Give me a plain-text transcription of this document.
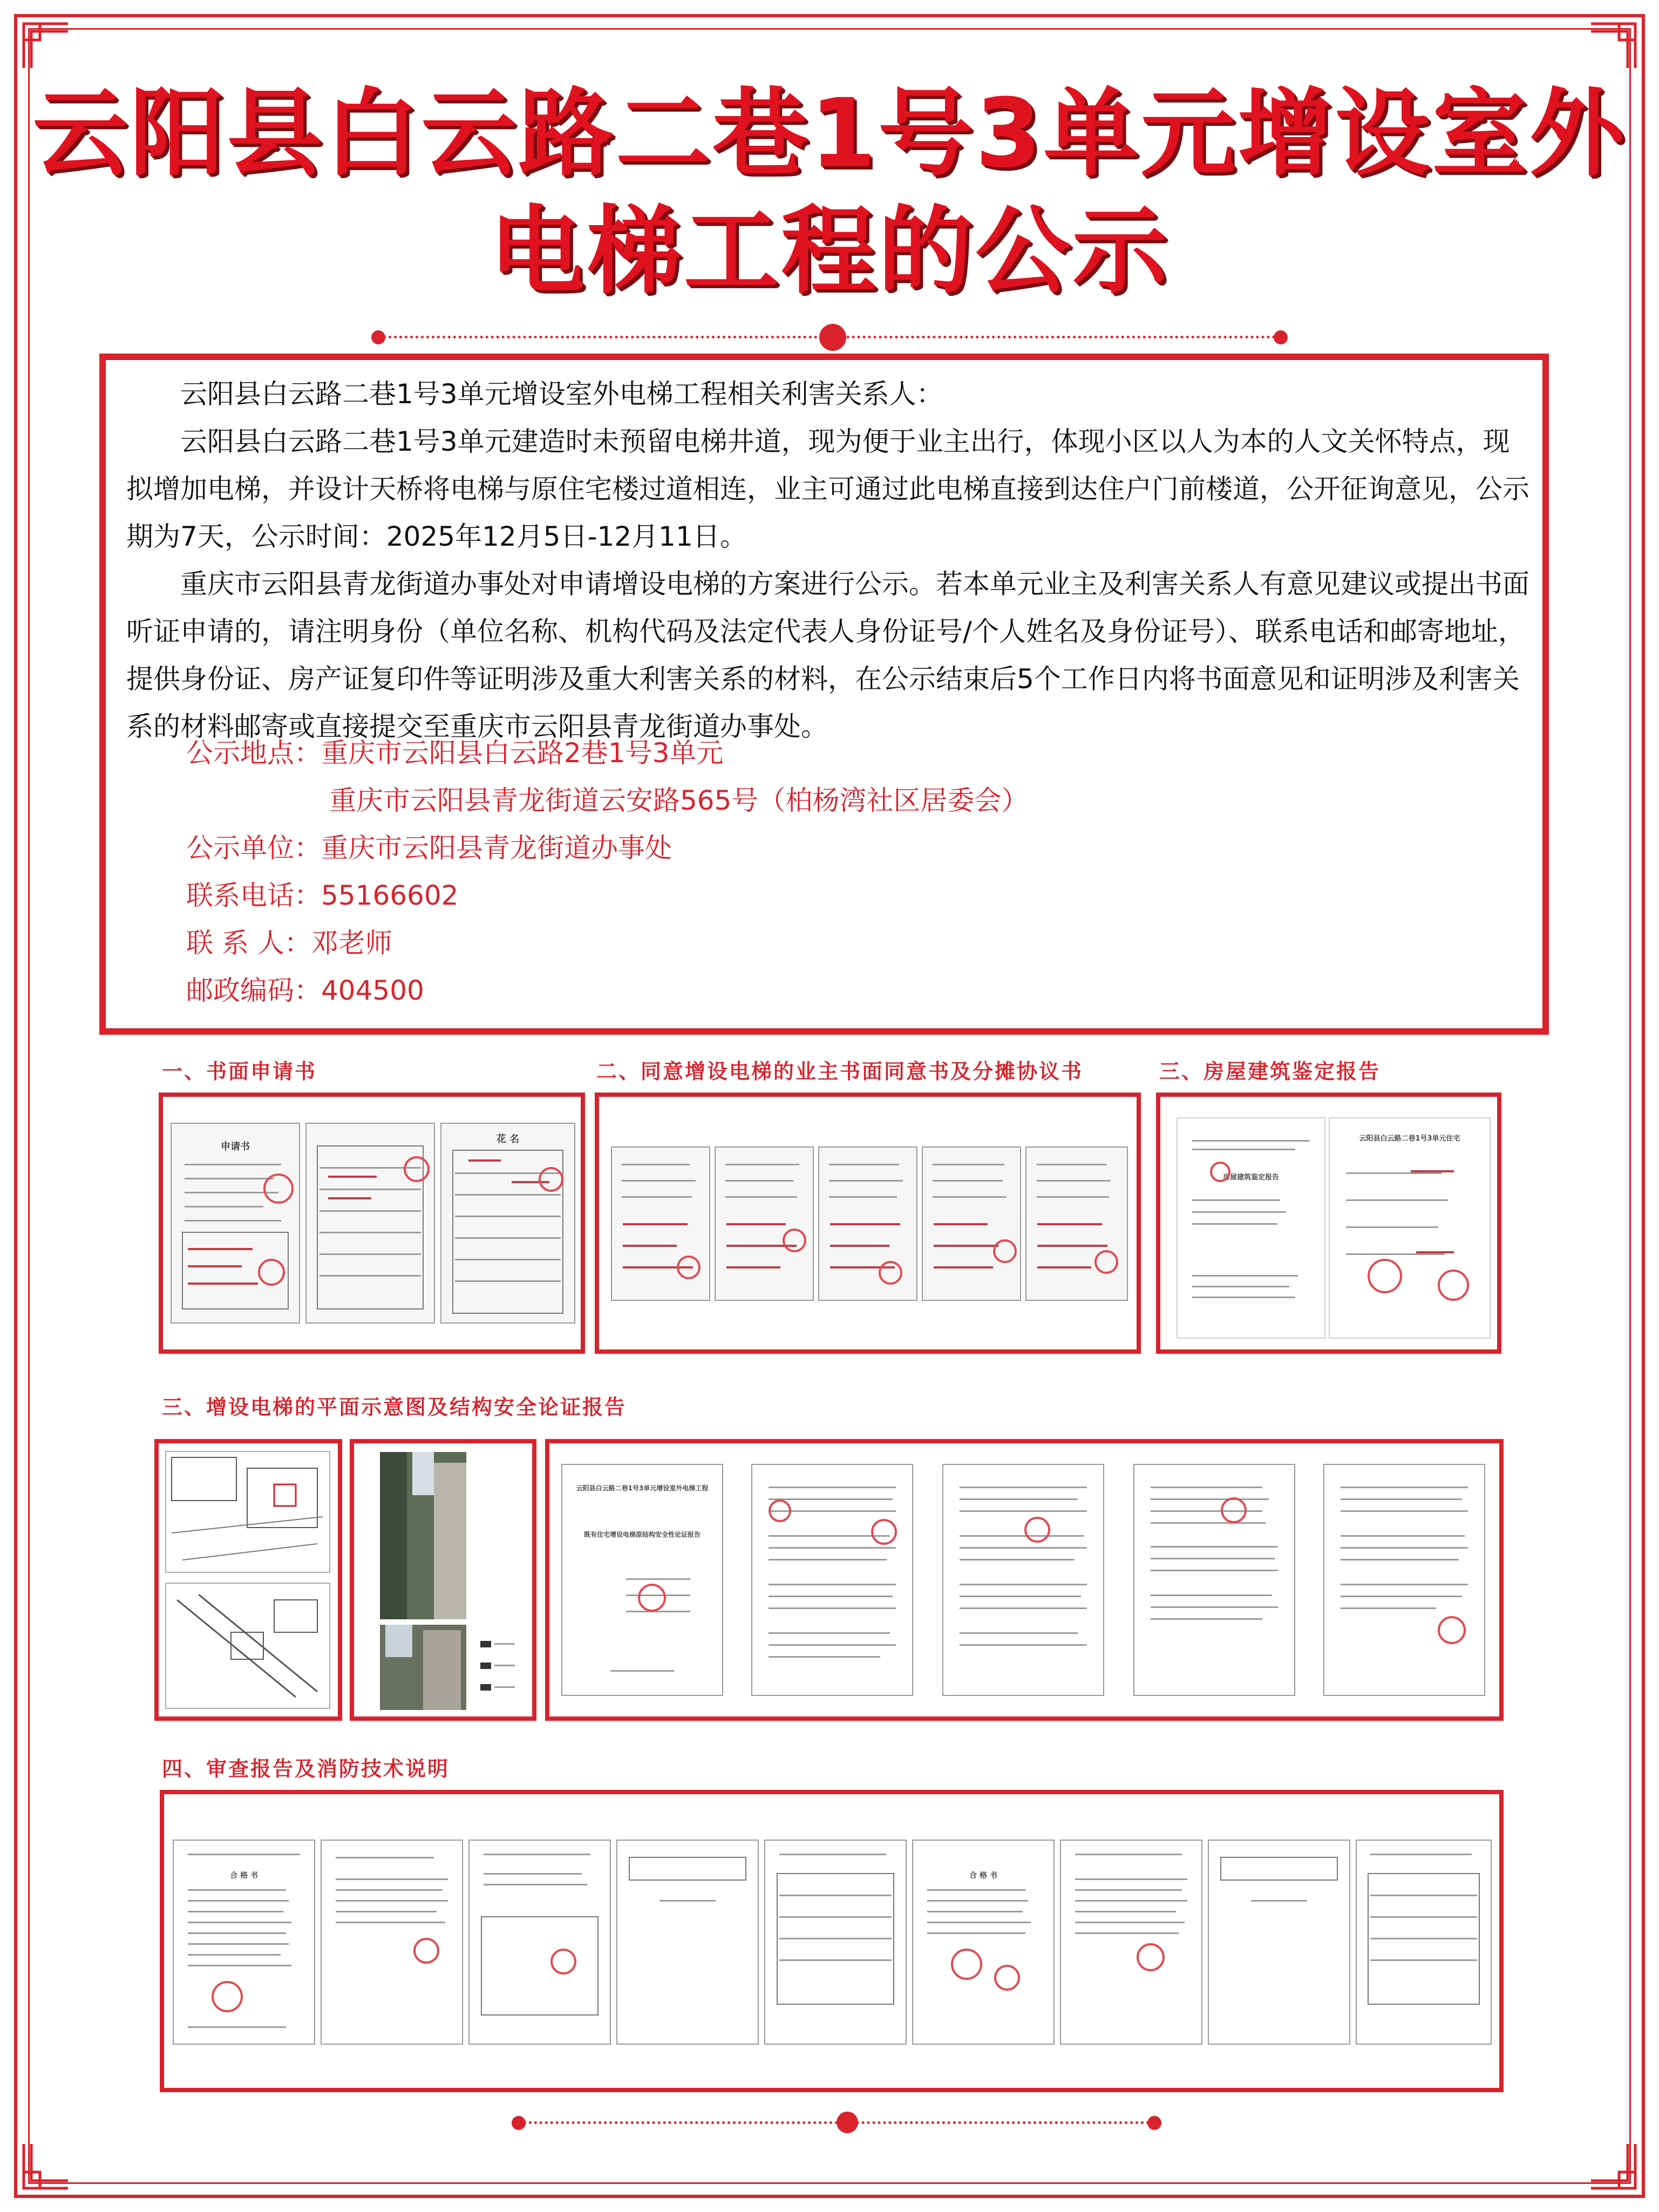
云阳县白云路二巷1号3单元增设室外
电梯工程的公示

云阳县白云路二巷1号3单元增设室外电梯工程相关利害关系人：

云阳县白云路二巷1号3单元建造时未预留电梯井道，现为便于业主出行，体现小区以人为本的人文关怀特点，现拟增加电梯，并设计天桥将电梯与原住宅楼过道相连，业主可通过此电梯直接到达住户门前楼道，公开征询意见，公示期为7天，公示时间：2025年12月5日-12月11日。

重庆市云阳县青龙街道办事处对申请增设电梯的方案进行公示。若本单元业主及利害关系人有意见建议或提出书面听证申请的，请注明身份（单位名称、机构代码及法定代表人身份证号/个人姓名及身份证号）、联系电话和邮寄地址，提供身份证、房产证复印件等证明涉及重大利害关系的材料，在公示结束后5个工作日内将书面意见和证明涉及利害关系的材料邮寄或直接提交至重庆市云阳县青龙街道办事处。

公示地点：重庆市云阳县白云路2巷1号3单元
重庆市云阳县青龙街道云安路565号（柏杨湾社区居委会）
公示单位：重庆市云阳县青龙街道办事处
联系电话：55166602
联 系 人：邓老师
邮政编码：404500
一、书面申请书	二、同意增设电梯的业主书面同意书及分摊协议书	三、房屋建筑鉴定报告
三、增设电梯的平面示意图及结构安全论证报告
四、审查报告及消防技术说明
申请书
花 名
房屋建筑鉴定报告
云阳县白云路二巷1号3单元住宅
云阳县白云路二巷1号3单元增设室外电梯工程
既有住宅增设电梯原结构安全性论证报告
合 格 书	合 格 书
